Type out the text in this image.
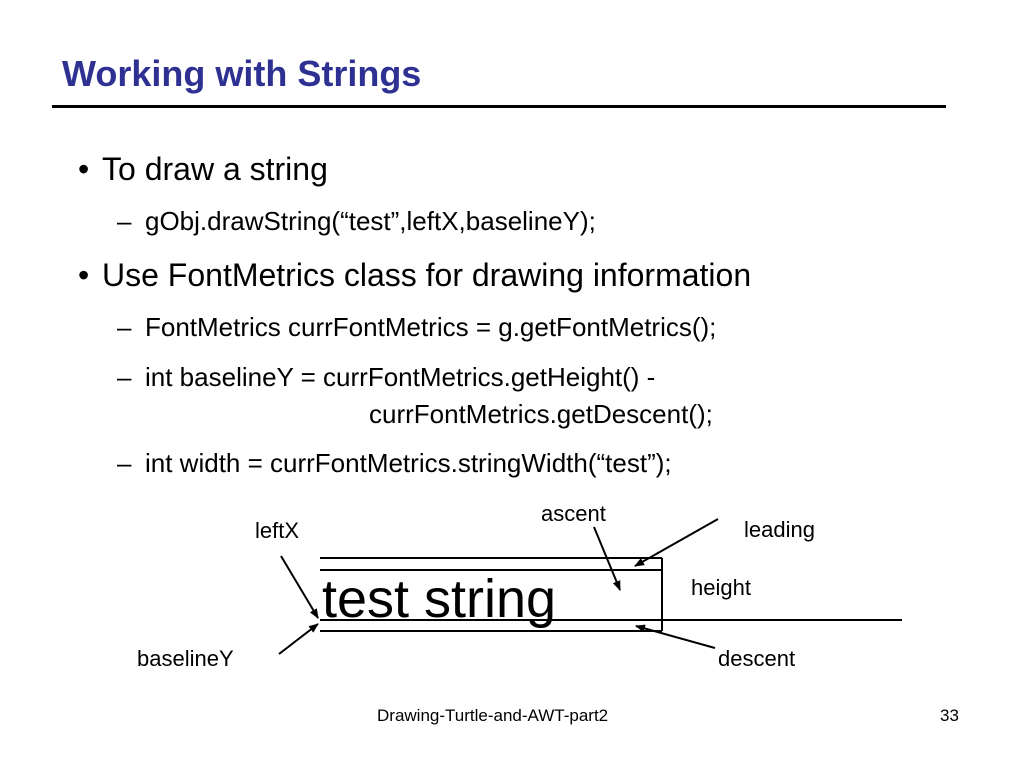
Working with Strings
• To draw a string
– gObj.drawString(“test”,leftX,baselineY);
• Use FontMetrics class for drawing information
– FontMetrics currFontMetrics = g.getFontMetrics();
– int baselineY = currFontMetrics.getHeight() -
currFontMetrics.getDescent();
– int width = currFontMetrics.stringWidth(“test”);
test string
leftX
ascent
leading
height
baselineY	descent
Drawing-Turtle-and-AWT-part2	33
